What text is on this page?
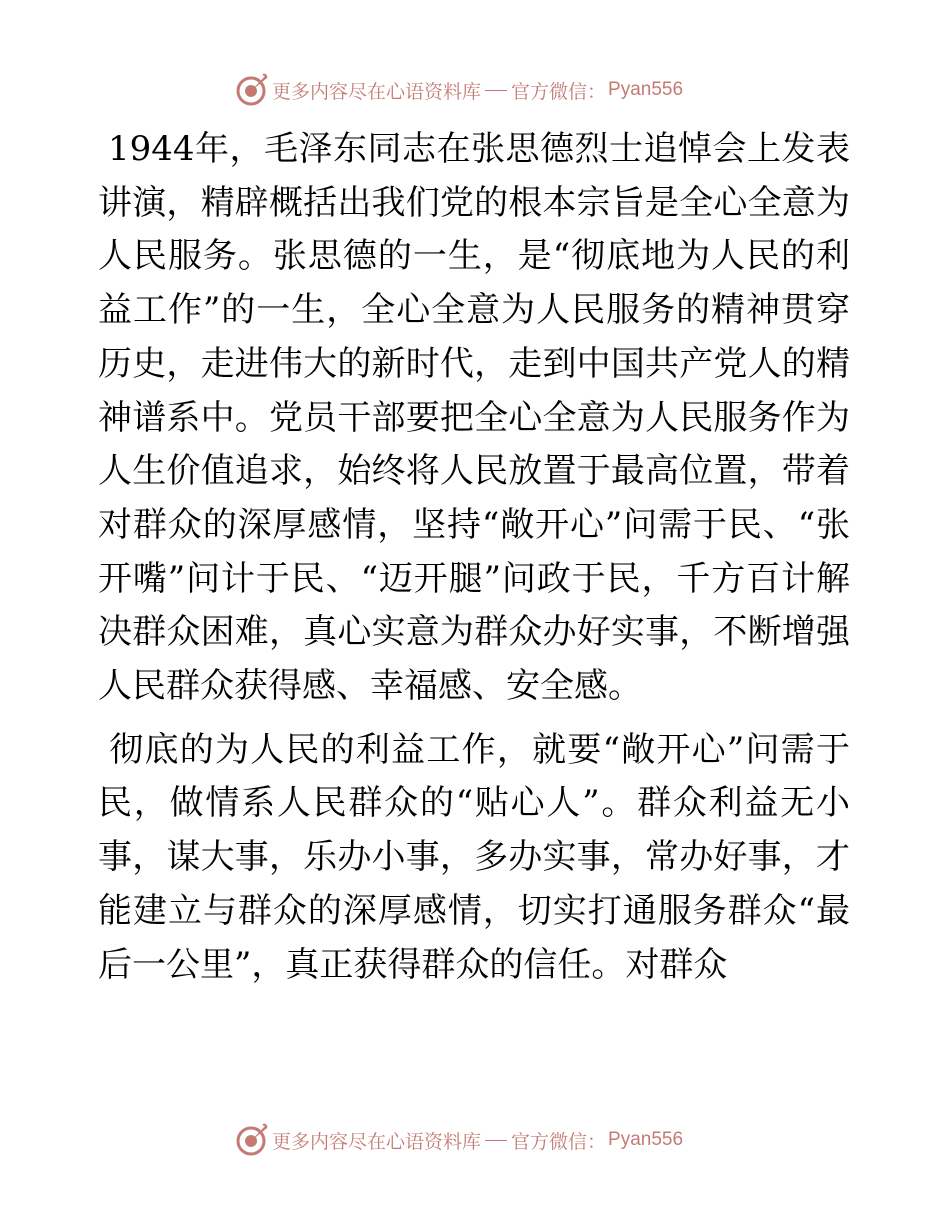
更多内容尽在心语资料库 官方微信： Pyan556

1944年，毛泽东同志在张思德烈士追悼会上发表讲演，精辟概括出我们党的根本宗旨是全心全意为人民服务。张思德的一生，是“彻底地为人民的利益工作”的一生，全心全意为人民服务的精神贯穿历史，走进伟大的新时代，走到中国共产党人的精神谱系中。党员干部要把全心全意为人民服务作为人生价值追求，始终将人民放置于最高位置，带着对群众的深厚感情，坚持“敞开心”问需于民、“张开嘴”问计于民、“迈开腿”问政于民，千方百计解决群众困难，真心实意为群众办好实事，不断增强人民群众获得感、幸福感、安全感。

彻底的为人民的利益工作，就要“敞开心”问需于民，做情系人民群众的“贴心人”。群众利益无小事，谋大事，乐办小事，多办实事，常办好事，才能建立与群众的深厚感情，切实打通服务群众“最后一公里”，真正获得群众的信任。对群众

更多内容尽在心语资料库 官方微信： Pyan556
